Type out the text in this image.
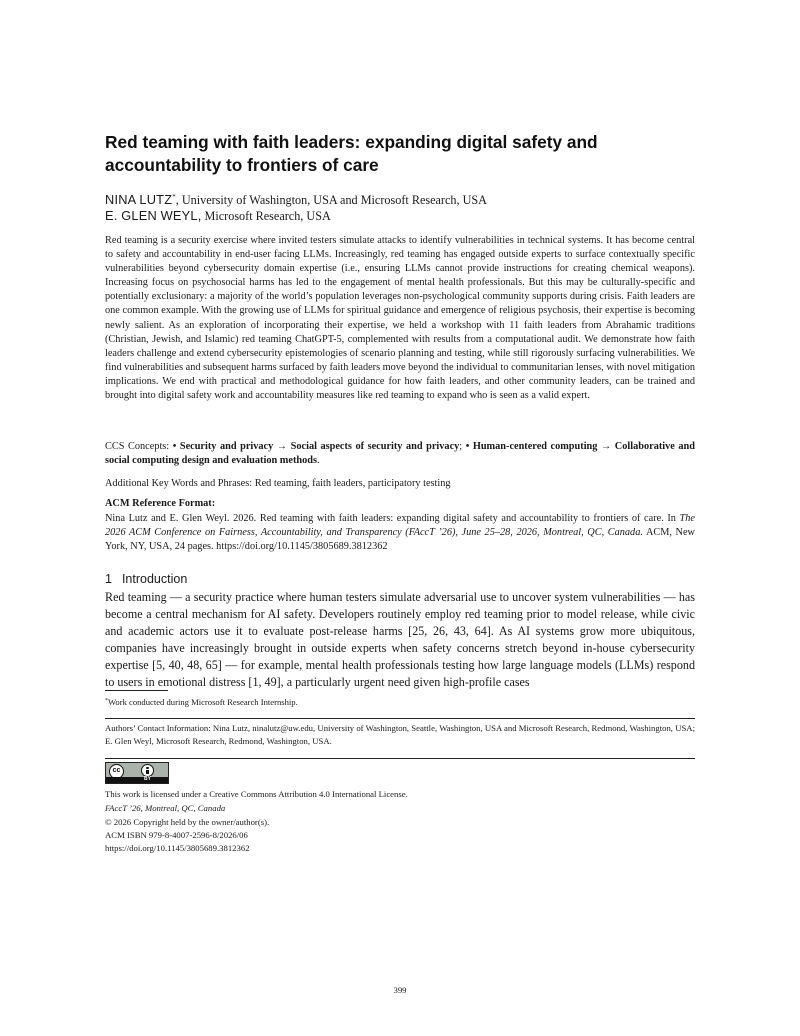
Red teaming with faith leaders: expanding digital safety and accountability to frontiers of care
NINA LUTZ*, University of Washington, USA and Microsoft Research, USA
E. GLEN WEYL, Microsoft Research, USA

Red teaming is a security exercise where invited testers simulate attacks to identify vulnerabilities in technical systems. It has become central to safety and accountability in end-user facing LLMs. Increasingly, red teaming has engaged outside experts to surface contextually specific vulnerabilities beyond cybersecurity domain expertise (i.e., ensuring LLMs cannot provide instructions for creating chemical weapons). Increasing focus on psychosocial harms has led to the engagement of mental health professionals. But this may be culturally-specific and potentially exclusionary: a majority of the world’s population leverages non-psychological community supports during crisis. Faith leaders are one common example. With the growing use of LLMs for spiritual guidance and emergence of religious psychosis, their expertise is becoming newly salient. As an exploration of incorporating their expertise, we held a workshop with 11 faith leaders from Abrahamic traditions (Christian, Jewish, and Islamic) red teaming ChatGPT-5, complemented with results from a computational audit. We demonstrate how faith leaders challenge and extend cybersecurity epistemologies of scenario planning and testing, while still rigorously surfacing vulnerabilities. We find vulnerabilities and subsequent harms surfaced by faith leaders move beyond the individual to communitarian lenses, with novel mitigation implications. We end with practical and methodological guidance for how faith leaders, and other community leaders, can be trained and brought into digital safety work and accountability measures like red teaming to expand who is seen as a valid expert.

CCS Concepts: • Security and privacy → Social aspects of security and privacy; • Human-centered computing → Collaborative and social computing design and evaluation methods.
Additional Key Words and Phrases: Red teaming, faith leaders, participatory testing
ACM Reference Format:
Nina Lutz and E. Glen Weyl. 2026. Red teaming with faith leaders: expanding digital safety and accountability to frontiers of care. In The 2026 ACM Conference on Fairness, Accountability, and Transparency (FAccT ’26), June 25–28, 2026, Montreal, QC, Canada. ACM, New York, NY, USA, 24 pages. https://doi.org/10.1145/3805689.3812362
1 Introduction

Red teaming — a security practice where human testers simulate adversarial use to uncover system vulnerabilities — has become a central mechanism for AI safety. Developers routinely employ red teaming prior to model release, while civic and academic actors use it to evaluate post-release harms [25, 26, 43, 64]. As AI systems grow more ubiquitous, companies have increasingly brought in outside experts when safety concerns stretch beyond in-house cybersecurity expertise [5, 40, 48, 65] — for example, mental health professionals testing how large language models (LLMs) respond to users in emotional distress [1, 49], a particularly urgent need given high-profile cases

*Work conducted during Microsoft Research Internship.
Authors’ Contact Information: Nina Lutz, ninalutz@uw.edu, University of Washington, Seattle, Washington, USA and Microsoft Research, Redmond, Washington, USA; E. Glen Weyl, Microsoft Research, Redmond, Washington, USA.
cc
BY
This work is licensed under a Creative Commons Attribution 4.0 International License.
FAccT ’26, Montreal, QC, Canada
© 2026 Copyright held by the owner/author(s).
ACM ISBN 979-8-4007-2596-8/2026/06
https://doi.org/10.1145/3805689.3812362
399
